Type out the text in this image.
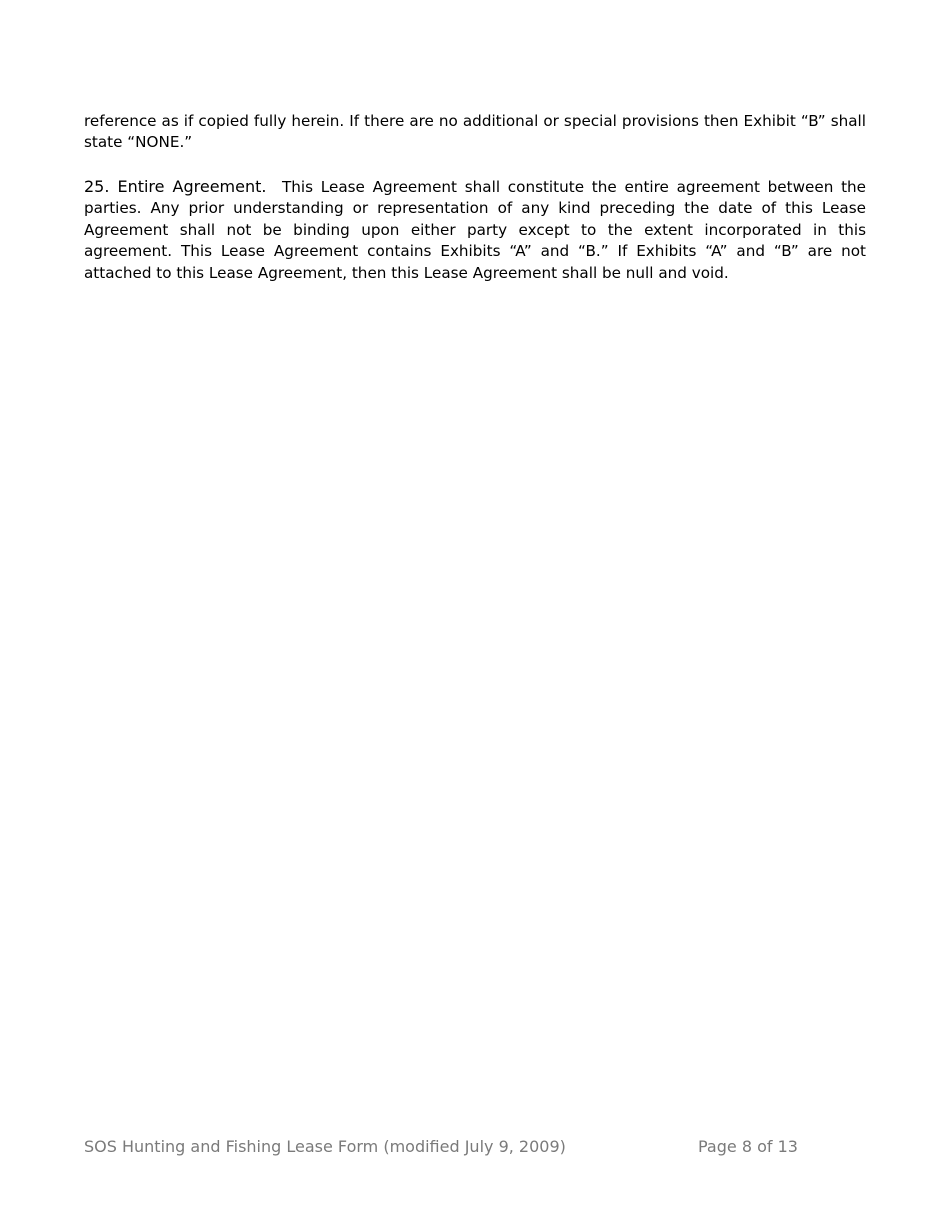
reference as if copied fully herein. If there are no additional or special provisions then Exhibit “B” shall state “NONE.”

25. Entire Agreement. This Lease Agreement shall constitute the entire agreement between the parties. Any prior understanding or representation of any kind preceding the date of this Lease Agreement shall not be binding upon either party except to the extent incorporated in this agreement. This Lease Agreement contains Exhibits “A” and “B.” If Exhibits “A” and “B” are not attached to this Lease Agreement, then this Lease Agreement shall be null and void.

SOS Hunting and Fishing Lease Form (modified July 9, 2009)	Page 8 of 13
